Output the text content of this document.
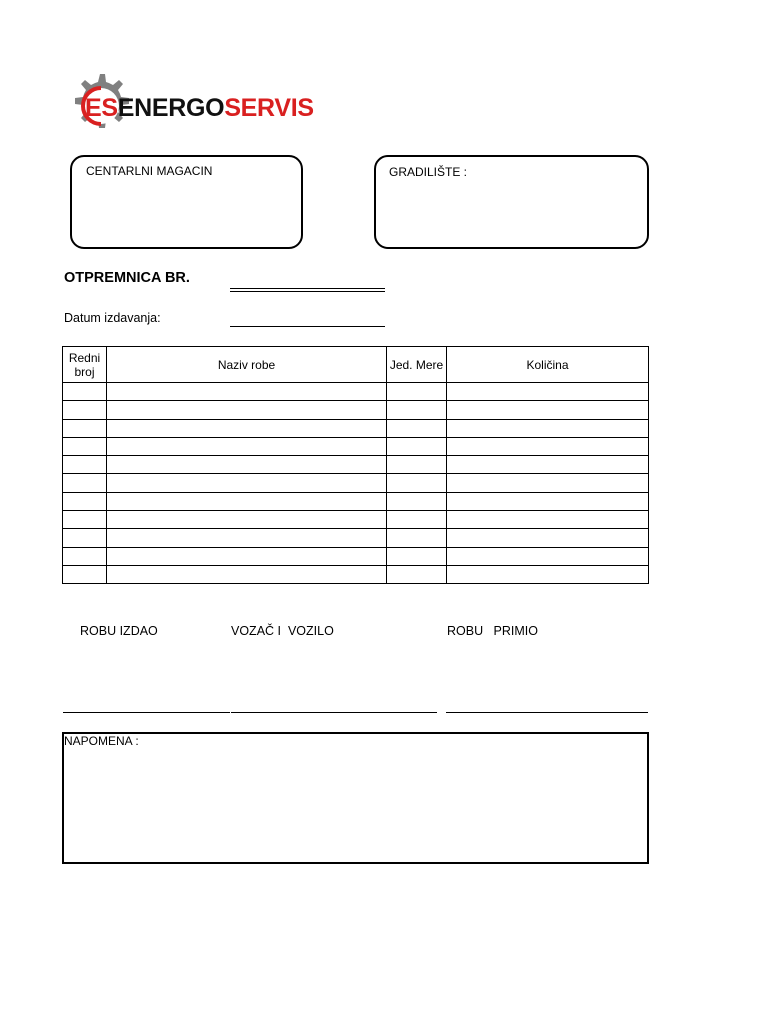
ESENERGOSERVIS
CENTARLNI MAGACIN	GRADILIŠTE :
OTPREMNICA BR.
Datum izdavanja:
Redni broj	Naziv robe	Jed. Mere	Količina

ROBU IZDAO	VOZAČ I  VOZILO	ROBU   PRIMIO
NAPOMENA :
